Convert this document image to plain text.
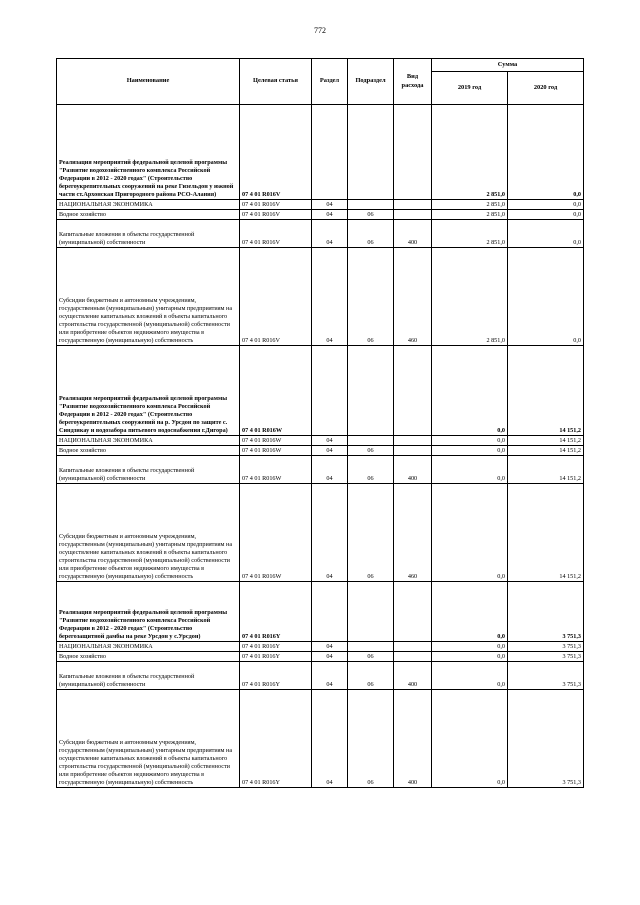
772
Наименование	Целевая статья	Раздел	Подраздел	Вид расхода	Сумма	
					2019 год	2020 год
Реализация мероприятий федеральной целевой программы "Развитие водохозяйственного комплекса Российской Федерации в 2012 - 2020 годах" (Строительство берегоукрепительных сооружений на реке Гизельдон у южной части ст.Архонская Пригородного района РСО-Алания)	07 4 01 R016V				2 851,0	0,0
НАЦИОНАЛЬНАЯ ЭКОНОМИКА	07 4 01 R016V	04			2 851,0	0,0
Водное хозяйство	07 4 01 R016V	04	06		2 851,0	0,0
Капитальные вложения в объекты государственной (муниципальной) собственности	07 4 01 R016V	04	06	400	2 851,0	0,0
Субсидии бюджетным и автономным учреждениям, государственным (муниципальным) унитарным предприятиям на осуществление капитальных вложений в объекты капитального строительства государственной (муниципальной) собственности или приобретение объектов недвижимого имущества в государственную (муниципальную) собственность	07 4 01 R016V	04	06	460	2 851,0	0,0
Реализация мероприятий федеральной целевой программы "Развитие водохозяйственного комплекса Российской Федерации в 2012 - 2020 годах" (Строительство берегоукрепительных сооружений на р. Урсдон по защите с. Синдзикау и водозабора питьевого водоснабжения г.Дигора)	07 4 01 R016W				0,0	14 151,2
НАЦИОНАЛЬНАЯ ЭКОНОМИКА	07 4 01 R016W	04			0,0	14 151,2
Водное хозяйство	07 4 01 R016W	04	06		0,0	14 151,2
Капитальные вложения в объекты государственной (муниципальной) собственности	07 4 01 R016W	04	06	400	0,0	14 151,2
Субсидии бюджетным и автономным учреждениям, государственным (муниципальным) унитарным предприятиям на осуществление капитальных вложений в объекты капитального строительства государственной (муниципальной) собственности или приобретение объектов недвижимого имущества в государственную (муниципальную) собственность	07 4 01 R016W	04	06	460	0,0	14 151,2
Реализация мероприятий федеральной целевой программы "Развитие водохозяйственного комплекса Российской Федерации в 2012 - 2020 годах" (Строительство берегозащитной дамбы на реке Урсдон у с.Урсдон)	07 4 01 R016Y				0,0	3 751,3
НАЦИОНАЛЬНАЯ ЭКОНОМИКА	07 4 01 R016Y	04			0,0	3 751,3
Водное хозяйство	07 4 01 R016Y	04	06		0,0	3 751,3
Капитальные вложения в объекты государственной (муниципальной) собственности	07 4 01 R016Y	04	06	400	0,0	3 751,3
Субсидии бюджетным и автономным учреждениям, государственным (муниципальным) унитарным предприятиям на осуществление капитальных вложений в объекты капитального строительства государственной (муниципальной) собственности или приобретение объектов недвижимого имущества в государственную (муниципальную) собственность	07 4 01 R016Y	04	06	400	0,0	3 751,3
